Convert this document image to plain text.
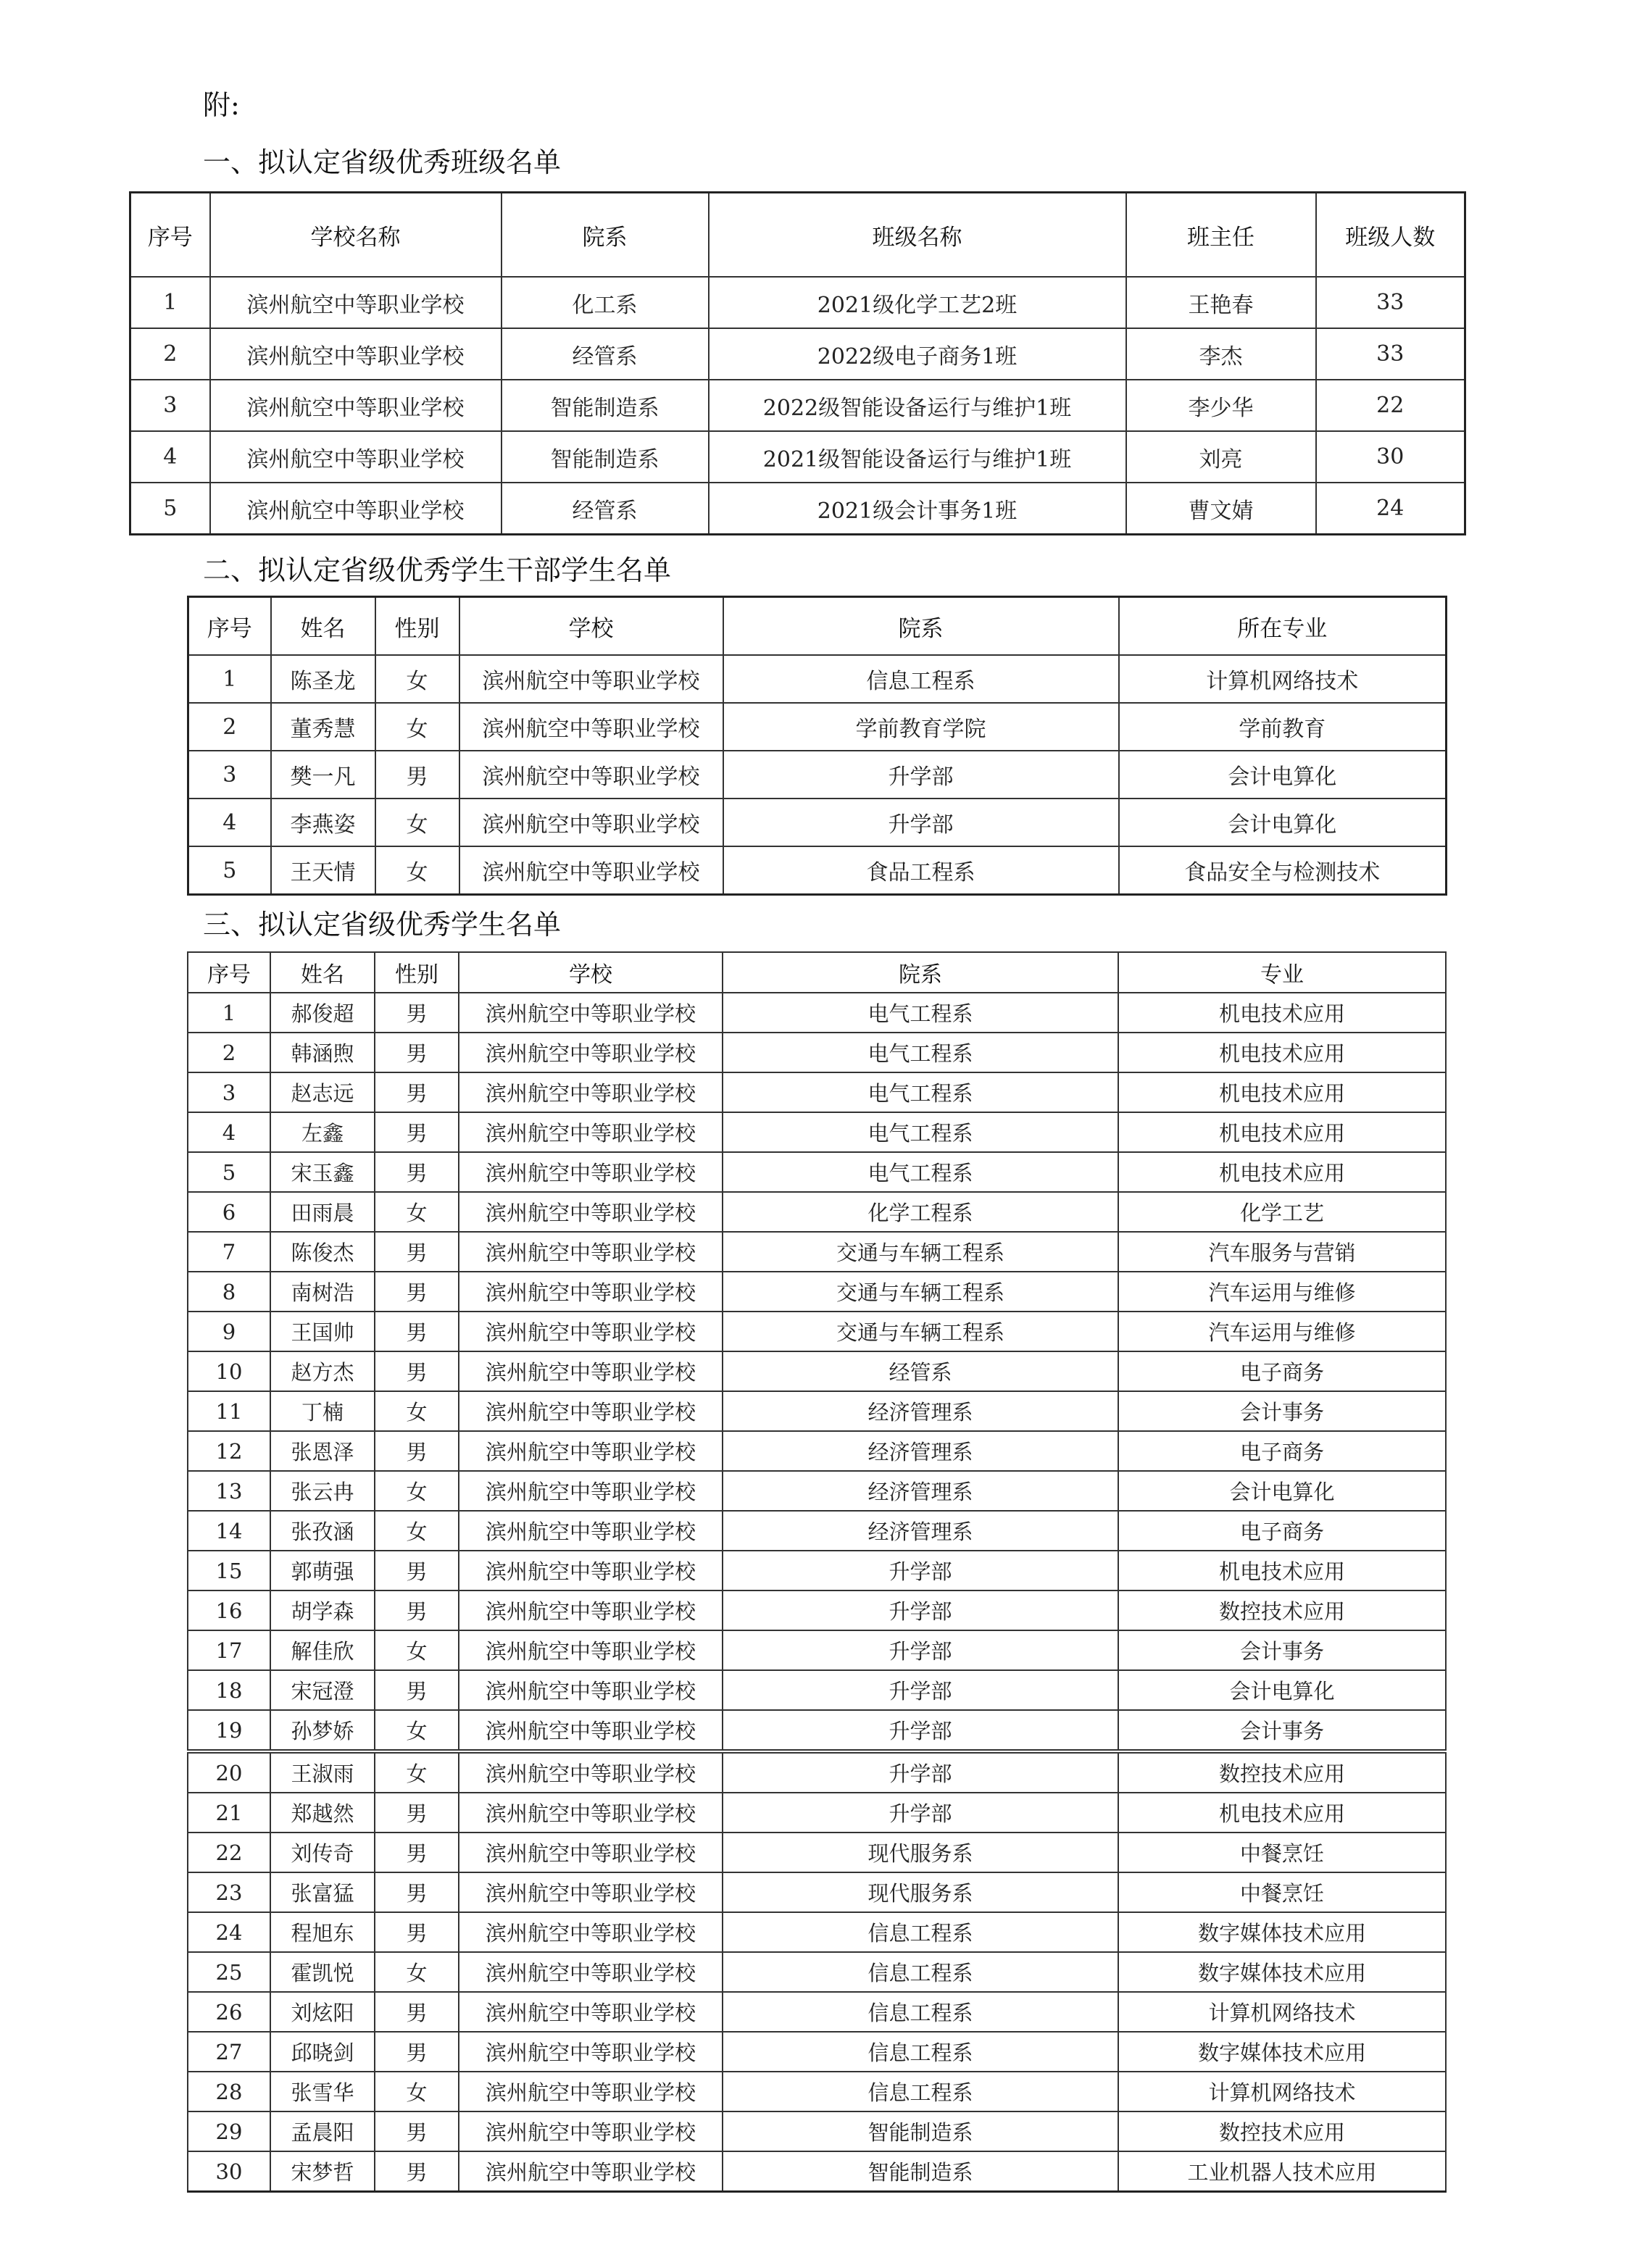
附:
一、拟认定省级优秀班级名单
序号	学校名称	院系	班级名称	班主任	班级人数
1	滨州航空中等职业学校	化工系	2021级化学工艺2班	王艳春	33
2	滨州航空中等职业学校	经管系	2022级电子商务1班	李杰	33
3	滨州航空中等职业学校	智能制造系	2022级智能设备运行与维护1班	李少华	22
4	滨州航空中等职业学校	智能制造系	2021级智能设备运行与维护1班	刘亮	30
5	滨州航空中等职业学校	经管系	2021级会计事务1班	曹文婧	24
二、拟认定省级优秀学生干部学生名单
序号	姓名	性别	学校	院系	所在专业
1	陈圣龙	女	滨州航空中等职业学校	信息工程系	计算机网络技术
2	董秀慧	女	滨州航空中等职业学校	学前教育学院	学前教育
3	樊一凡	男	滨州航空中等职业学校	升学部	会计电算化
4	李燕姿	女	滨州航空中等职业学校	升学部	会计电算化
5	王天情	女	滨州航空中等职业学校	食品工程系	食品安全与检测技术
三、拟认定省级优秀学生名单
序号	姓名	性别	学校	院系	专业
1	郝俊超	男	滨州航空中等职业学校	电气工程系	机电技术应用
2	韩涵煦	男	滨州航空中等职业学校	电气工程系	机电技术应用
3	赵志远	男	滨州航空中等职业学校	电气工程系	机电技术应用
4	左鑫	男	滨州航空中等职业学校	电气工程系	机电技术应用
5	宋玉鑫	男	滨州航空中等职业学校	电气工程系	机电技术应用
6	田雨晨	女	滨州航空中等职业学校	化学工程系	化学工艺
7	陈俊杰	男	滨州航空中等职业学校	交通与车辆工程系	汽车服务与营销
8	南树浩	男	滨州航空中等职业学校	交通与车辆工程系	汽车运用与维修
9	王国帅	男	滨州航空中等职业学校	交通与车辆工程系	汽车运用与维修
10	赵方杰	男	滨州航空中等职业学校	经管系	电子商务
11	丁楠	女	滨州航空中等职业学校	经济管理系	会计事务
12	张恩泽	男	滨州航空中等职业学校	经济管理系	电子商务
13	张云冉	女	滨州航空中等职业学校	经济管理系	会计电算化
14	张孜涵	女	滨州航空中等职业学校	经济管理系	电子商务
15	郭萌强	男	滨州航空中等职业学校	升学部	机电技术应用
16	胡学森	男	滨州航空中等职业学校	升学部	数控技术应用
17	解佳欣	女	滨州航空中等职业学校	升学部	会计事务
18	宋冠澄	男	滨州航空中等职业学校	升学部	会计电算化
19	孙梦娇	女	滨州航空中等职业学校	升学部	会计事务
20	王淑雨	女	滨州航空中等职业学校	升学部	数控技术应用
21	郑越然	男	滨州航空中等职业学校	升学部	机电技术应用
22	刘传奇	男	滨州航空中等职业学校	现代服务系	中餐烹饪
23	张富猛	男	滨州航空中等职业学校	现代服务系	中餐烹饪
24	程旭东	男	滨州航空中等职业学校	信息工程系	数字媒体技术应用
25	霍凯悦	女	滨州航空中等职业学校	信息工程系	数字媒体技术应用
26	刘炫阳	男	滨州航空中等职业学校	信息工程系	计算机网络技术
27	邱晓剑	男	滨州航空中等职业学校	信息工程系	数字媒体技术应用
28	张雪华	女	滨州航空中等职业学校	信息工程系	计算机网络技术
29	孟晨阳	男	滨州航空中等职业学校	智能制造系	数控技术应用
30	宋梦哲	男	滨州航空中等职业学校	智能制造系	工业机器人技术应用
